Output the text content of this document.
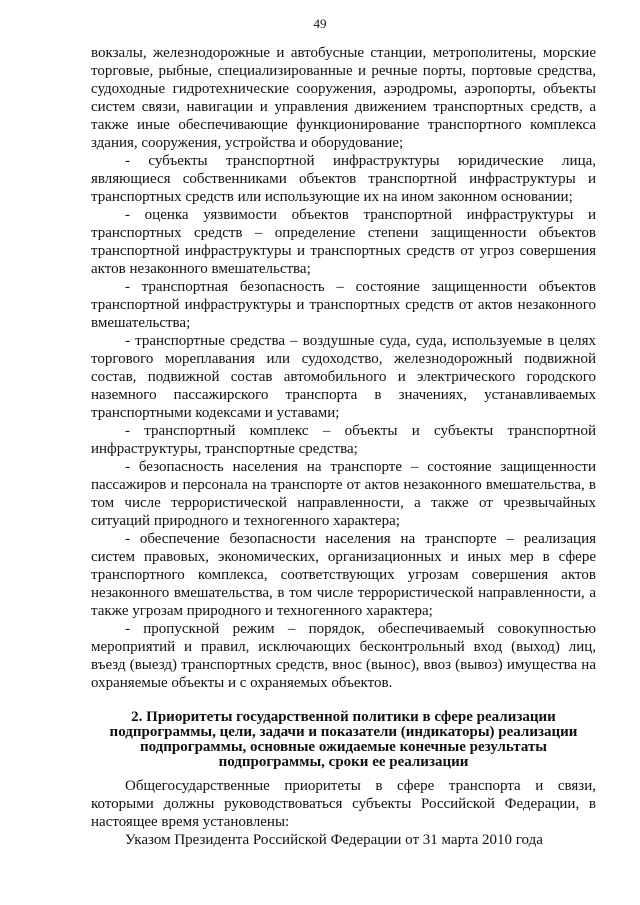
49

вокзалы, железнодорожные и автобусные станции, метрополитены, морские торговые, рыбные, специализированные и речные порты, портовые средства, судоходные гидротехнические сооружения, аэродромы, аэропорты, объекты систем связи, навигации и управления движением транспортных средств, а также иные обеспечивающие функционирование транспортного комплекса здания, сооружения, устройства и оборудование;

- субъекты транспортной инфраструктуры юридические лица, являющиеся собственниками объектов транспортной инфраструктуры и транспортных средств или использующие их на ином законном основании;

- оценка уязвимости объектов транспортной инфраструктуры и транспортных средств – определение степени защищенности объектов транспортной инфраструктуры и транспортных средств от угроз совершения актов незаконного вмешательства;

- транспортная безопасность – состояние защищенности объектов транспортной инфраструктуры и транспортных средств от актов незаконного вмешательства;

- транспортные средства – воздушные суда, суда, используемые в целях торгового мореплавания или судоходство, железнодорожный подвижной состав, подвижной состав автомобильного и электрического городского наземного пассажирского транспорта в значениях, устанавливаемых транспортными кодексами и уставами;

- транспортный комплекс – объекты и субъекты транспортной инфраструктуры, транспортные средства;

- безопасность населения на транспорте – состояние защищенности пассажиров и персонала на транспорте от актов незаконного вмешательства, в том числе террористической направленности, а также от чрезвычайных ситуаций природного и техногенного характера;

- обеспечение безопасности населения на транспорте – реализация систем правовых, экономических, организационных и иных мер в сфере транспортного комплекса, соответствующих угрозам совершения актов незаконного вмешательства, в том числе террористической направленности, а также угрозам природного и техногенного характера;

- пропускной режим – порядок, обеспечиваемый совокупностью мероприятий и правил, исключающих бесконтрольный вход (выход) лиц, въезд (выезд) транспортных средств, внос (вынос), ввоз (вывоз) имущества на охраняемые объекты и с охраняемых объектов.

2. Приоритеты государственной политики в сфере реализации подпрограммы, цели, задачи и показатели (индикаторы) реализации подпрограммы, основные ожидаемые конечные результаты подпрограммы, сроки ее реализации

Общегосударственные приоритеты в сфере транспорта и связи, которыми должны руководствоваться субъекты Российской Федерации, в настоящее время установлены:

Указом Президента Российской Федерации от 31 марта 2010 года
